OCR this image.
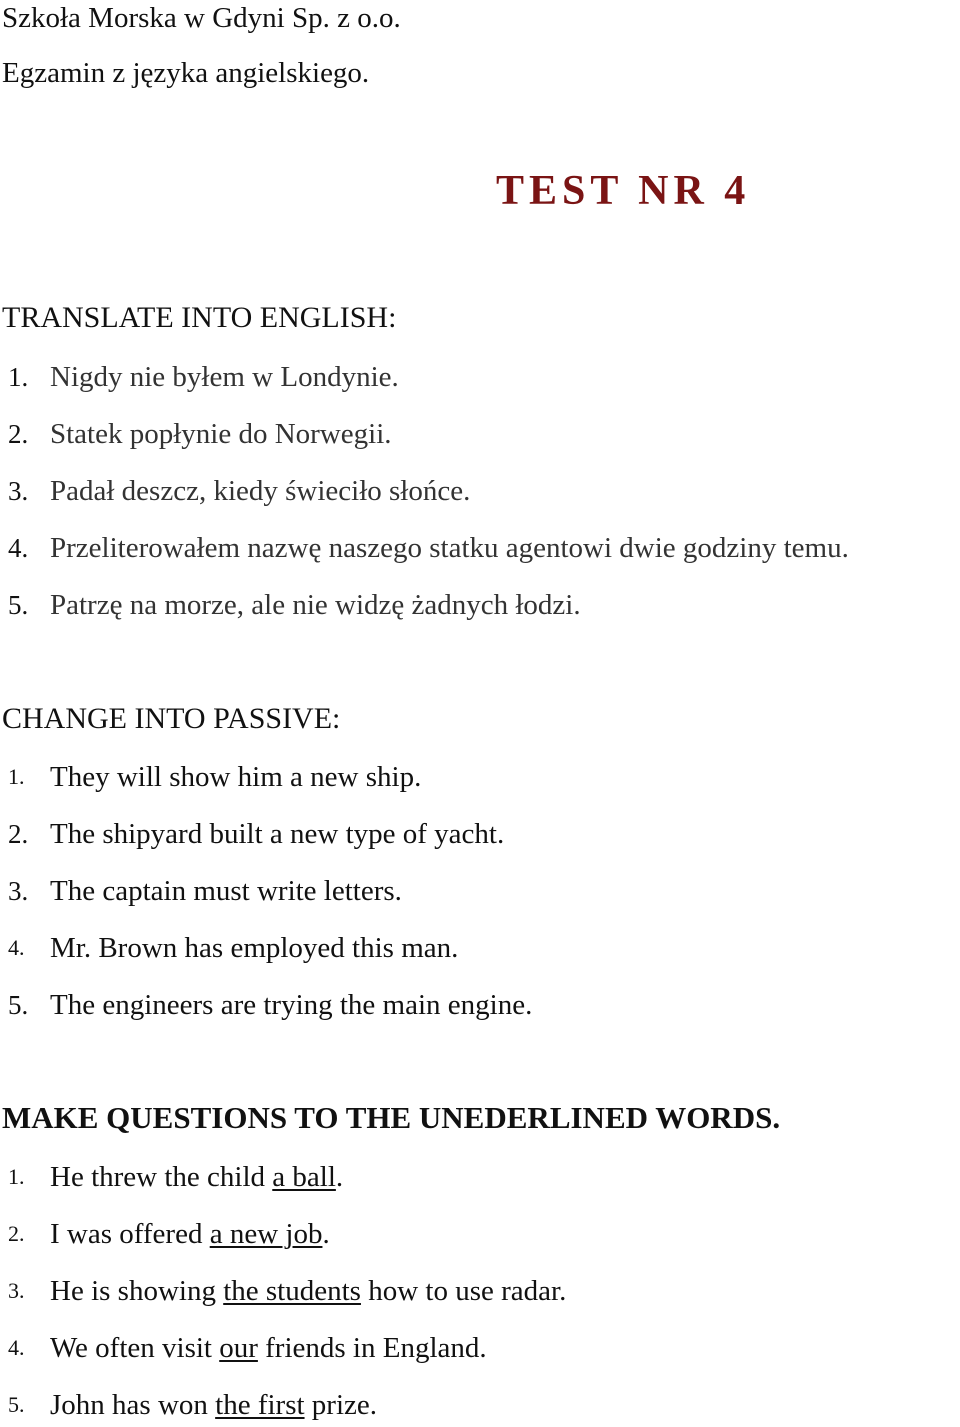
Szkoła Morska w Gdyni Sp. z o.o.
Egzamin z języka angielskiego.
TEST NR 4
TRANSLATE INTO ENGLISH:
1. Nigdy nie byłem w Londynie.
2. Statek popłynie do Norwegii.
3. Padał deszcz, kiedy świeciło słońce.
4. Przeliterowałem nazwę naszego statku agentowi dwie godziny temu.
5. Patrzę na morze, ale nie widzę żadnych łodzi.
CHANGE INTO PASSIVE:
1. They will show him a new ship.
2. The shipyard built a new type of yacht.
3. The captain must write letters.
4. Mr. Brown has employed this man.
5. The engineers are trying the main engine.
MAKE QUESTIONS TO THE UNEDERLINED WORDS.
1. He threw the child a ball.
2. I was offered a new job.
3. He is showing the students how to use radar.
4. We often visit our friends in England.
5. John has won the first prize.
